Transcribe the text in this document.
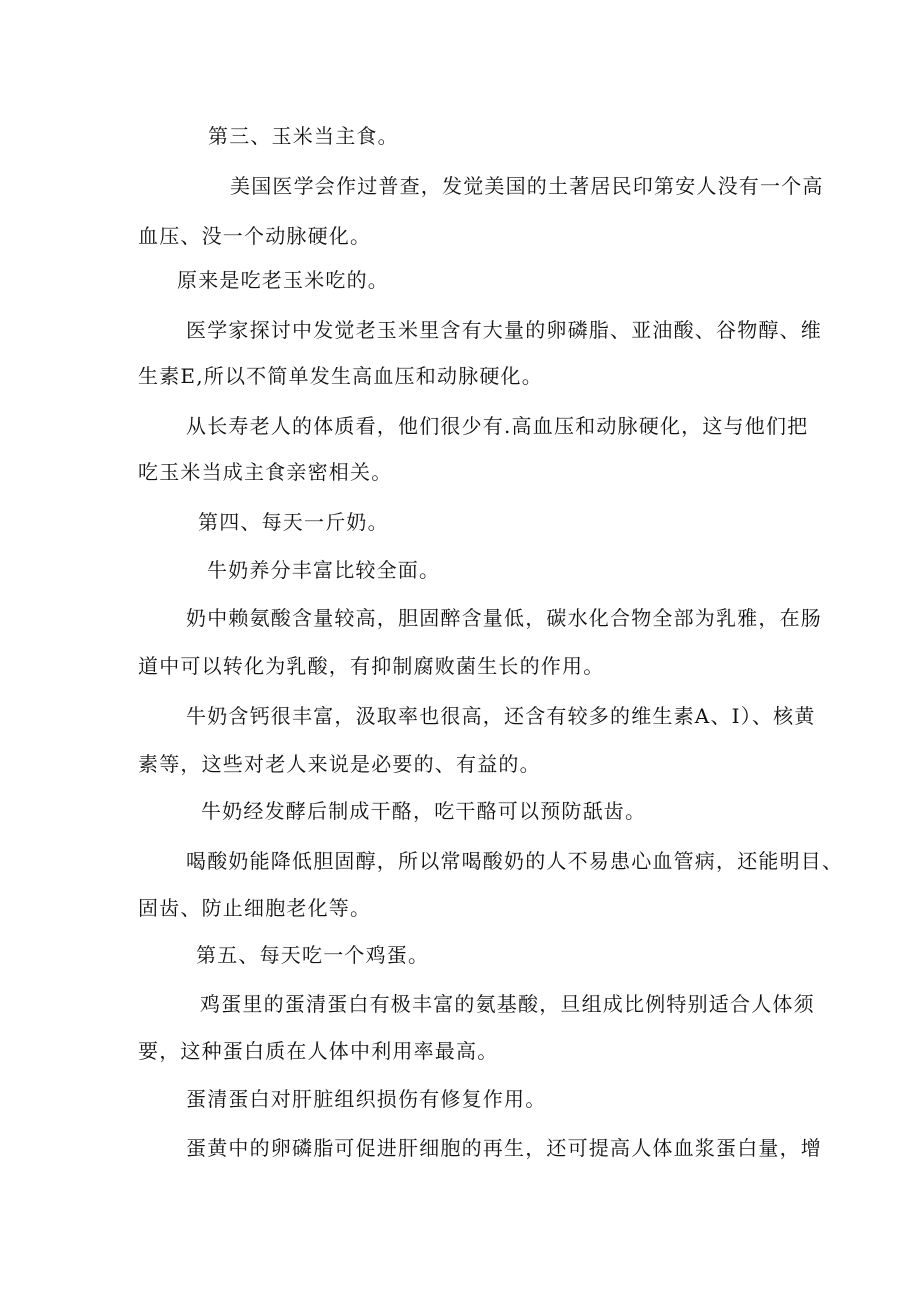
第三、玉米当主食。
美国医学会作过普查，发觉美国的土著居民印第安人没有一个高
血压、没一个动脉硬化。
原来是吃老玉米吃的。
医学家探讨中发觉老玉米里含有大量的卵磷脂、亚油酸、谷物醇、维
生素E,所以不简单发生高血压和动脉硬化。
从长寿老人的体质看，他们很少有.高血压和动脉硬化，这与他们把
吃玉米当成主食亲密相关。
第四、每天一斤奶。
牛奶养分丰富比较全面。
奶中赖氨酸含量较高，胆固醉含量低，碳水化合物全部为乳雅，在肠
道中可以转化为乳酸，有抑制腐败菌生长的作用。
牛奶含钙很丰富，汲取率也很高，还含有较多的维生素A、I）、核黄
素等，这些对老人来说是必要的、有益的。
牛奶经发酵后制成干酪，吃干酪可以预防舐齿。
喝酸奶能降低胆固醇，所以常喝酸奶的人不易患心血管病，还能明目、
固齿、防止细胞老化等。
第五、每天吃一个鸡蛋。
鸡蛋里的蛋清蛋白有极丰富的氨基酸，旦组成比例特别适合人体须
要，这种蛋白质在人体中利用率最高。
蛋清蛋白对肝脏组织损伤有修复作用。
蛋黄中的卵磷脂可促进肝细胞的再生，还可提高人体血浆蛋白量，增
